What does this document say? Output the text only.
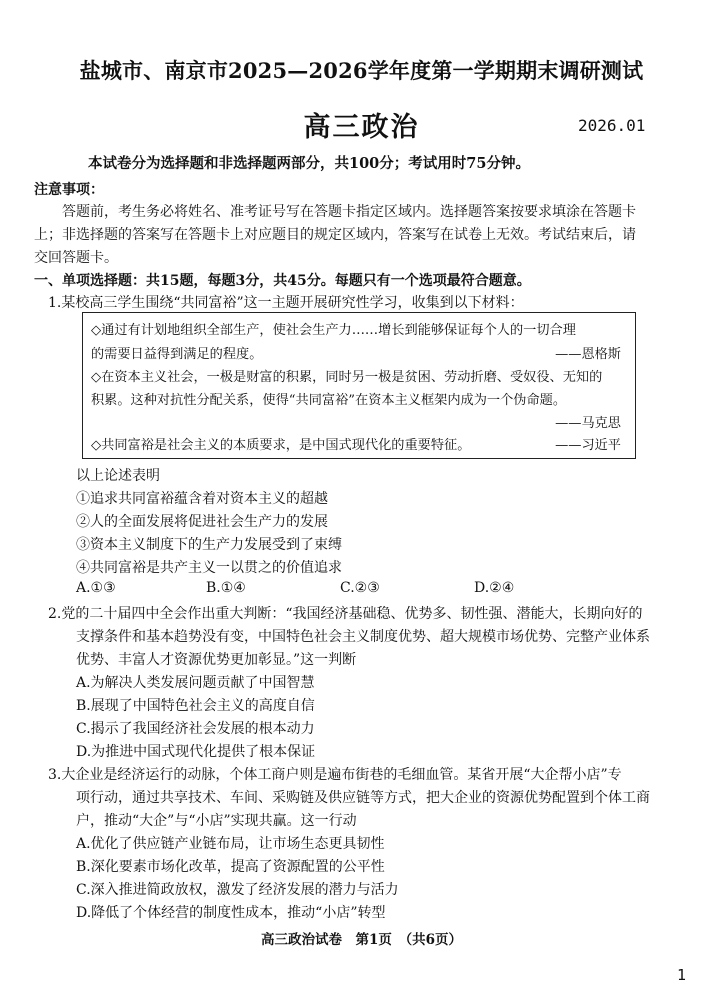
盐城市、南京市2025—2026学年度第一学期期末调研测试
高三政治	2026.01
本试卷分为选择题和非选择题两部分，共100分；考试用时75分钟。
注意事项：
答题前，考生务必将姓名、准考证号写在答题卡指定区域内。选择题答案按要求填涂在答题卡
上；非选择题的答案写在答题卡上对应题目的规定区域内，答案写在试卷上无效。考试结束后，请
交回答题卡。
一、单项选择题：共15题，每题3分，共45分。每题只有一个选项最符合题意。
1.某校高三学生围绕“共同富裕”这一主题开展研究性学习，收集到以下材料：
◇通过有计划地组织全部生产，使社会生产力……增长到能够保证每个人的一切合理
的需要日益得到满足的程度。	——恩格斯
◇在资本主义社会，一极是财富的积累，同时另一极是贫困、劳动折磨、受奴役、无知的
积累。这种对抗性分配关系，使得“共同富裕”在资本主义框架内成为一个伪命题。
——马克思
◇共同富裕是社会主义的本质要求，是中国式现代化的重要特征。	——习近平
以上论述表明
①追求共同富裕蕴含着对资本主义的超越
②人的全面发展将促进社会生产力的发展
③资本主义制度下的生产力发展受到了束缚
④共同富裕是共产主义一以贯之的价值追求
A.①③	B.①④	C.②③	D.②④
2.党的二十届四中全会作出重大判断：“我国经济基础稳、优势多、韧性强、潜能大，长期向好的
支撑条件和基本趋势没有变，中国特色社会主义制度优势、超大规模市场优势、完整产业体系
优势、丰富人才资源优势更加彰显。”这一判断
A.为解决人类发展问题贡献了中国智慧
B.展现了中国特色社会主义的高度自信
C.揭示了我国经济社会发展的根本动力
D.为推进中国式现代化提供了根本保证
3.大企业是经济运行的动脉，个体工商户则是遍布街巷的毛细血管。某省开展“大企帮小店”专
项行动，通过共享技术、车间、采购链及供应链等方式，把大企业的资源优势配置到个体工商
户，推动“大企”与“小店”实现共赢。这一行动
A.优化了供应链产业链布局，让市场生态更具韧性
B.深化要素市场化改革，提高了资源配置的公平性
C.深入推进简政放权，激发了经济发展的潜力与活力
D.降低了个体经营的制度性成本，推动“小店”转型
高三政治试卷　第1页　（共6页）
1
